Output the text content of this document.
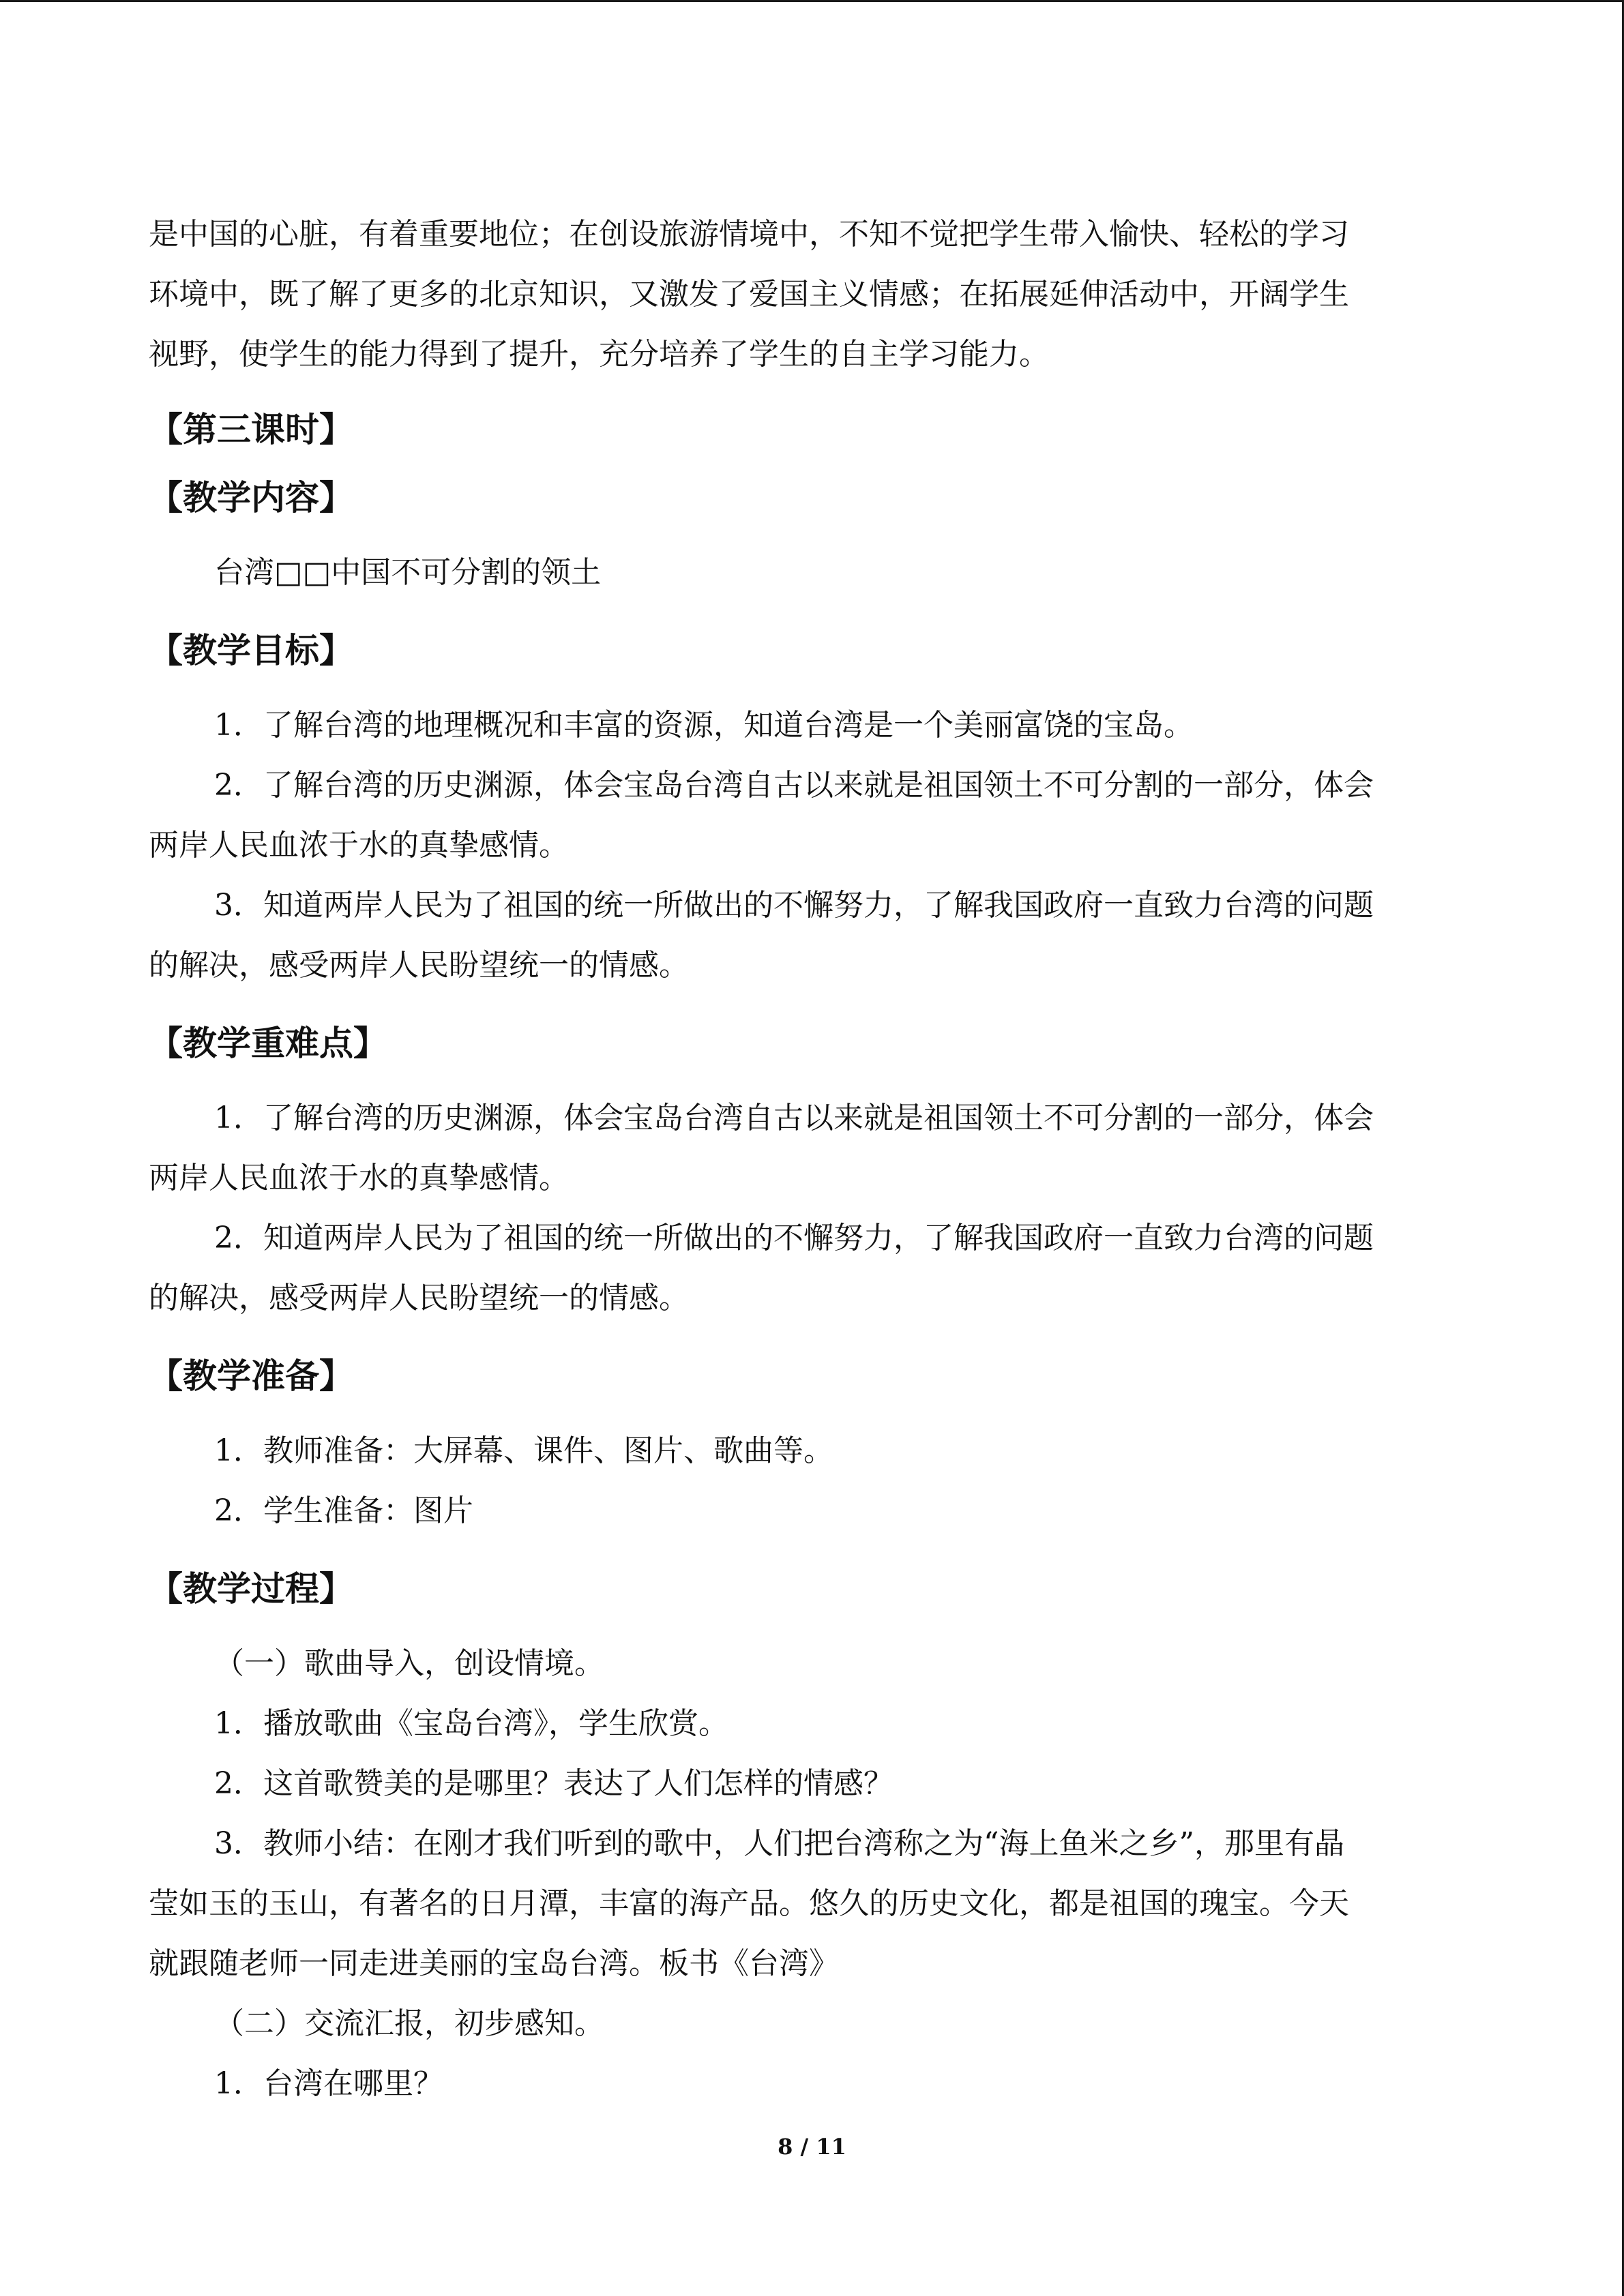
是中国的心脏，有着重要地位；在创设旅游情境中，不知不觉把学生带入愉快、轻松的学习

环境中，既了解了更多的北京知识，又激发了爱国主义情感；在拓展延伸活动中，开阔学生

视野，使学生的能力得到了提升，充分培养了学生的自主学习能力。

【第三课时】
【教学内容】

台湾□□中国不可分割的领土

【教学目标】

1．了解台湾的地理概况和丰富的资源，知道台湾是一个美丽富饶的宝岛。

2．了解台湾的历史渊源，体会宝岛台湾自古以来就是祖国领土不可分割的一部分，体会

两岸人民血浓于水的真挚感情。

3．知道两岸人民为了祖国的统一所做出的不懈努力，了解我国政府一直致力台湾的问题

的解决，感受两岸人民盼望统一的情感。

【教学重难点】

1．了解台湾的历史渊源，体会宝岛台湾自古以来就是祖国领土不可分割的一部分，体会

两岸人民血浓于水的真挚感情。

2．知道两岸人民为了祖国的统一所做出的不懈努力，了解我国政府一直致力台湾的问题

的解决，感受两岸人民盼望统一的情感。

【教学准备】

1．教师准备：大屏幕、课件、图片、歌曲等。

2．学生准备：图片

【教学过程】

（一）歌曲导入，创设情境。

1．播放歌曲《宝岛台湾》，学生欣赏。

2．这首歌赞美的是哪里？表达了人们怎样的情感？

3．教师小结：在刚才我们听到的歌中，人们把台湾称之为“海上鱼米之乡”，那里有晶

莹如玉的玉山，有著名的日月潭，丰富的海产品。悠久的历史文化，都是祖国的瑰宝。今天

就跟随老师一同走进美丽的宝岛台湾。板书《台湾》

（二）交流汇报，初步感知。

1．台湾在哪里？

8 / 11
